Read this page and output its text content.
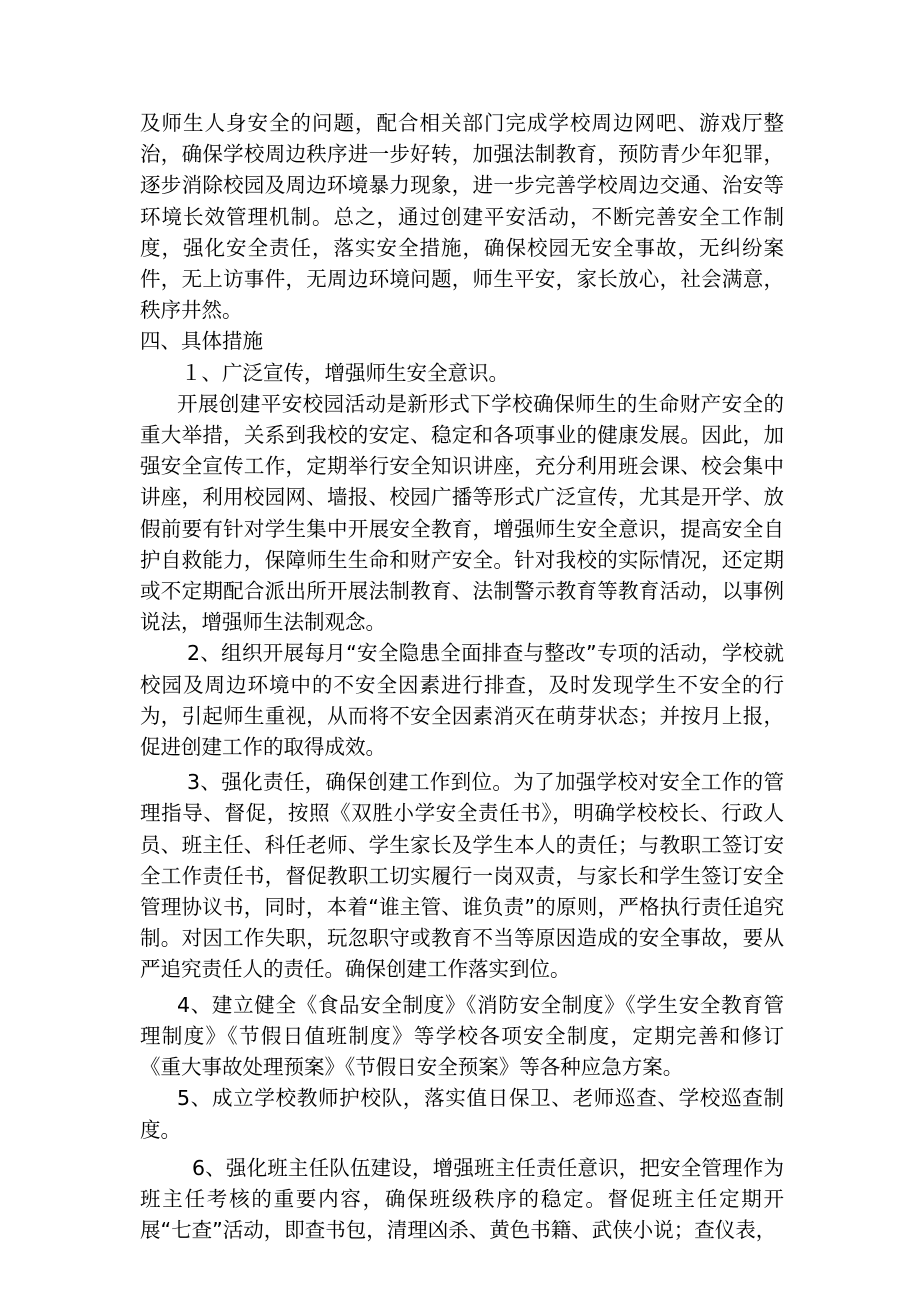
及师生人身安全的问题，配合相关部门完成学校周边网吧、游戏厅整治，确保学校周边秩序进一步好转，加强法制教育，预防青少年犯罪，逐步消除校园及周边环境暴力现象，进一步完善学校周边交通、治安等环境长效管理机制。总之，通过创建平安活动，不断完善安全工作制度，强化安全责任，落实安全措施，确保校园无安全事故，无纠纷案件，无上访事件，无周边环境问题，师生平安，家长放心，社会满意，秩序井然。

四、具体措施

１、广泛宣传，增强师生安全意识。

开展创建平安校园活动是新形式下学校确保师生的生命财产安全的重大举措，关系到我校的安定、稳定和各项事业的健康发展。因此，加强安全宣传工作，定期举行安全知识讲座，充分利用班会课、校会集中讲座，利用校园网、墙报、校园广播等形式广泛宣传，尤其是开学、放假前要有针对学生集中开展安全教育，增强师生安全意识，提高安全自护自救能力，保障师生生命和财产安全。针对我校的实际情况，还定期或不定期配合派出所开展法制教育、法制警示教育等教育活动，以事例说法，增强师生法制观念。

2、组织开展每月“安全隐患全面排查与整改”专项的活动，学校就校园及周边环境中的不安全因素进行排查，及时发现学生不安全的行为，引起师生重视，从而将不安全因素消灭在萌芽状态；并按月上报，促进创建工作的取得成效。

3、强化责任，确保创建工作到位。为了加强学校对安全工作的管理指导、督促，按照《双胜小学安全责任书》，明确学校校长、行政人员、班主任、科任老师、学生家长及学生本人的责任；与教职工签订安全工作责任书，督促教职工切实履行一岗双责，与家长和学生签订安全管理协议书，同时，本着“谁主管、谁负责”的原则，严格执行责任追究制。对因工作失职，玩忽职守或教育不当等原因造成的安全事故，要从严追究责任人的责任。确保创建工作落实到位。

4、建立健全《食品安全制度》《消防安全制度》《学生安全教育管理制度》《节假日值班制度》等学校各项安全制度，定期完善和修订《重大事故处理预案》《节假日安全预案》等各种应急方案。

5、成立学校教师护校队，落实值日保卫、老师巡查、学校巡查制度。

6、强化班主任队伍建设，增强班主任责任意识，把安全管理作为班主任考核的重要内容，确保班级秩序的稳定。督促班主任定期开展“七查”活动，即查书包，清理凶杀、黄色书籍、武侠小说；查仪表，
